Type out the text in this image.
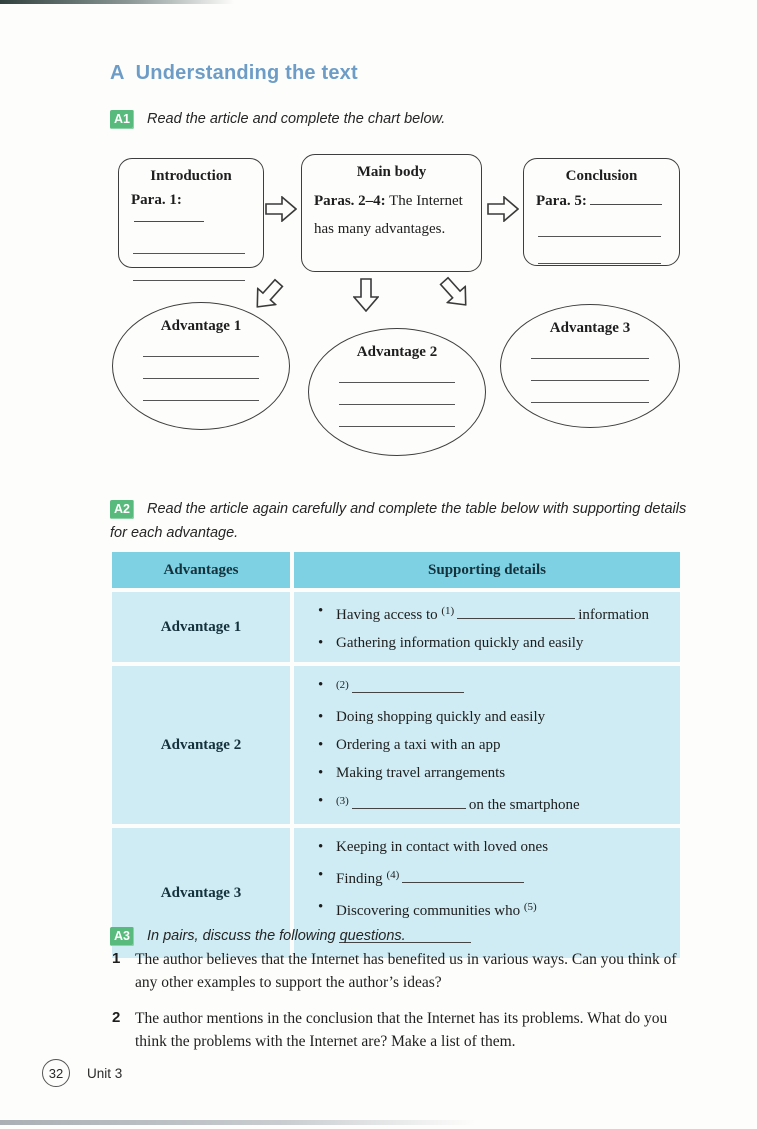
A Understanding the text
A1 Read the article and complete the chart below.
Introduction
Para. 1:
Main body

Paras. 2–4: The Internet has many advantages.

Conclusion
Para. 5:
Advantage 1
Advantage 2
Advantage 3
A2 Read the article again carefully and complete the table below with supporting details for each advantage.
Advantages	Supporting details
Advantage 1
• Having access to $^{(1)}$	information
• Gathering information quickly and easily
Advantage 2
• $^{(2)}$
• Doing shopping quickly and easily
• Ordering a taxi with an app
• Making travel arrangements
• $^{(3)}$	on the smartphone
Advantage 3
• Keeping in contact with loved ones
• Finding $^{(4)}$
• Discovering communities who $^{(5)}$
A3 In pairs, discuss the following questions.
1 The author believes that the Internet has benefited us in various ways. Can you think of any other examples to support the author’s ideas?

2 The author mentions in the conclusion that the Internet has its problems. What do you think the problems with the Internet are? Make a list of them.

32	Unit 3
